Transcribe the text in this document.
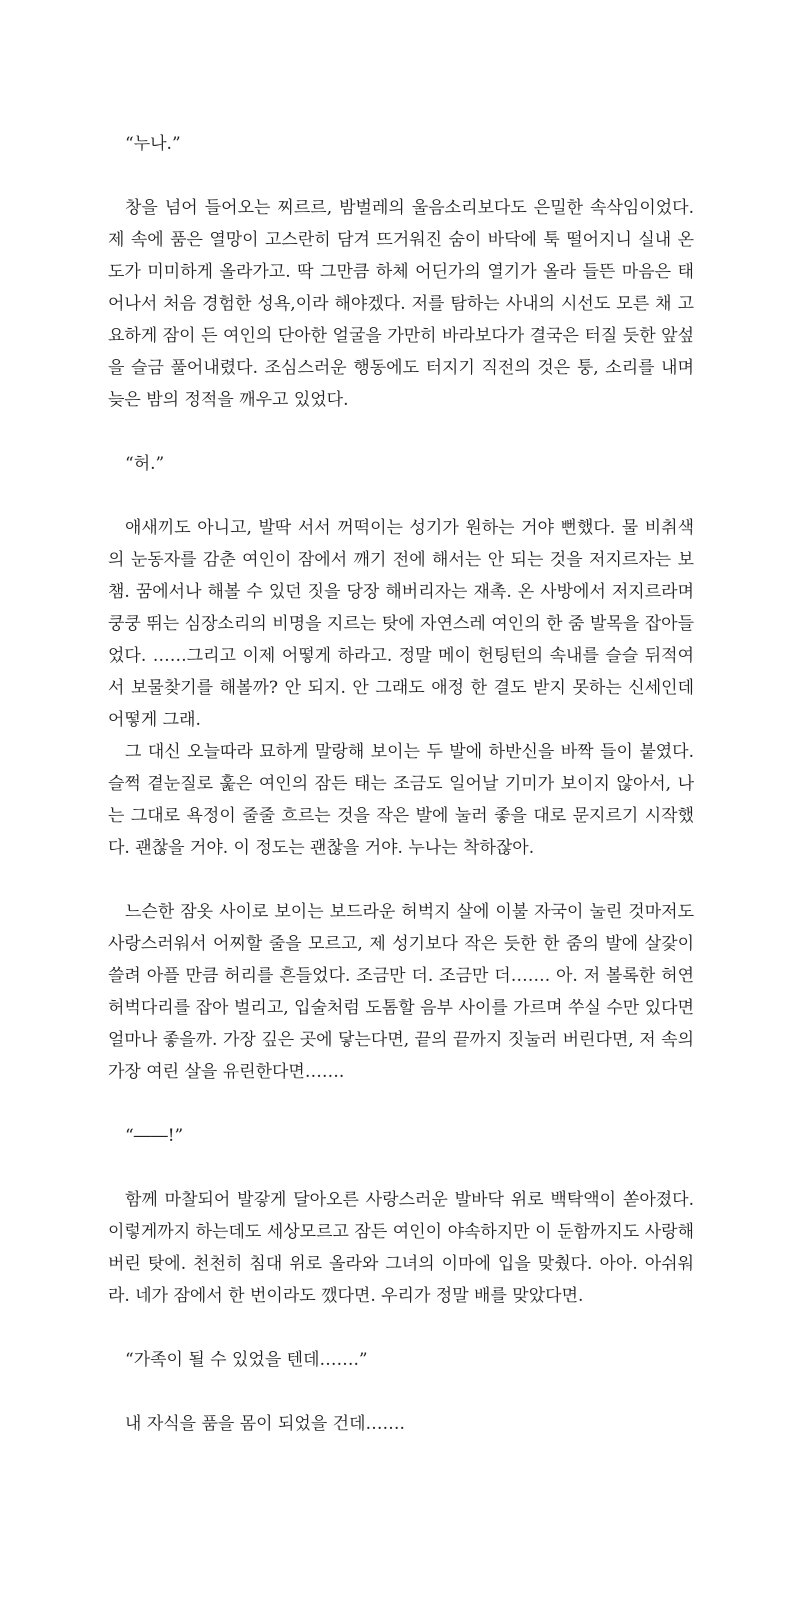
“누나.”

창을 넘어 들어오는 찌르르, 밤벌레의 울음소리보다도 은밀한 속삭임이었다. 제 속에 품은 열망이 고스란히 담겨 뜨거워진 숨이 바닥에 툭 떨어지니 실내 온도가 미미하게 올라가고. 딱 그만큼 하체 어딘가의 열기가 올라 들뜬 마음은 태어나서 처음 경험한 성욕,이라 해야겠다. 저를 탐하는 사내의 시선도 모른 채 고요하게 잠이 든 여인의 단아한 얼굴을 가만히 바라보다가 결국은 터질 듯한 앞섶을 슬금 풀어내렸다. 조심스러운 행동에도 터지기 직전의 것은 퉁, 소리를 내며 늦은 밤의 정적을 깨우고 있었다.

“허.”

애새끼도 아니고, 발딱 서서 꺼떡이는 성기가 원하는 거야 뻔했다. 물 비취색의 눈동자를 감춘 여인이 잠에서 깨기 전에 해서는 안 되는 것을 저지르자는 보챔. 꿈에서나 해볼 수 있던 짓을 당장 해버리자는 재촉. 온 사방에서 저지르라며 쿵쿵 뛰는 심장소리의 비명을 지르는 탓에 자연스레 여인의 한 줌 발목을 잡아들었다. ……그리고 이제 어떻게 하라고. 정말 메이 헌팅턴의 속내를 슬슬 뒤적여서 보물찾기를 해볼까? 안 되지. 안 그래도 애정 한 결도 받지 못하는 신세인데 어떻게 그래.

그 대신 오늘따라 묘하게 말랑해 보이는 두 발에 하반신을 바짝 들이 붙였다. 슬쩍 곁눈질로 훑은 여인의 잠든 태는 조금도 일어날 기미가 보이지 않아서, 나는 그대로 욕정이 줄줄 흐르는 것을 작은 발에 눌러 좋을 대로 문지르기 시작했다. 괜찮을 거야. 이 정도는 괜찮을 거야. 누나는 착하잖아.

느슨한 잠옷 사이로 보이는 보드라운 허벅지 살에 이불 자국이 눌린 것마저도 사랑스러워서 어찌할 줄을 모르고, 제 성기보다 작은 듯한 한 줌의 발에 살갗이 쓸려 아플 만큼 허리를 흔들었다. 조금만 더. 조금만 더……. 아. 저 볼록한 허연 허벅다리를 잡아 벌리고, 입술처럼 도톰할 음부 사이를 가르며 쑤실 수만 있다면 얼마나 좋을까. 가장 깊은 곳에 닿는다면, 끝의 끝까지 짓눌러 버린다면, 저 속의 가장 여린 살을 유린한다면…….

“――!”

함께 마찰되어 발갛게 달아오른 사랑스러운 발바닥 위로 백탁액이 쏟아졌다. 이렇게까지 하는데도 세상모르고 잠든 여인이 야속하지만 이 둔함까지도 사랑해 버린 탓에. 천천히 침대 위로 올라와 그녀의 이마에 입을 맞췄다. 아아. 아쉬워라. 네가 잠에서 한 번이라도 깼다면. 우리가 정말 배를 맞았다면.

“가족이 될 수 있었을 텐데…….”

내 자식을 품을 몸이 되었을 건데…….
